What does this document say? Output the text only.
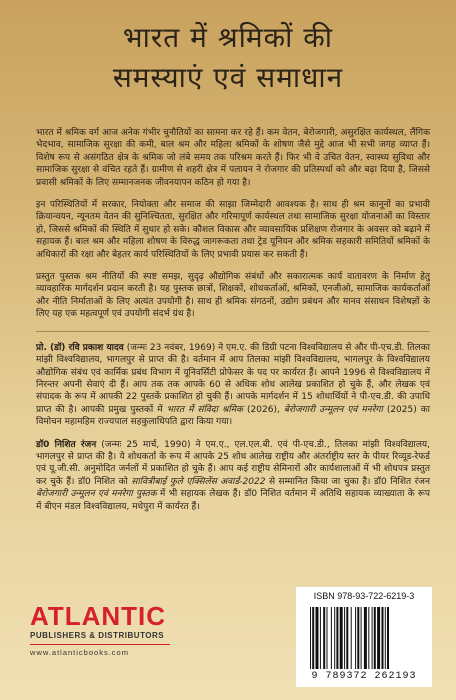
भारत में श्रमिकों की
समस्याएं एवं समाधान

भारत में श्रमिक वर्ग आज अनेक गंभीर चुनौतियों का सामना कर रहे हैं। कम वेतन, बेरोजगारी, असुरक्षित कार्यस्थल, लैंगिक भेदभाव, सामाजिक सुरक्षा की कमी, बाल श्रम और महिला श्रमिकों के शोषण जैसे मुद्दे आज भी सभी जगह व्याप्त हैं। विशेष रूप से असंगठित क्षेत्र के श्रमिक जो लंबे समय तक परिश्रम करते हैं। फिर भी वे उचित वेतन, स्वास्थ्य सुविधा और सामाजिक सुरक्षा से वंचित रहते हैं। ग्रामीण से शहरी क्षेत्र में पलायन ने रोजगार की प्रतिस्पर्धा को और बढ़ा दिया है, जिससे प्रवासी श्रमिकों के लिए सम्मानजनक जीवनयापन कठिन हो गया है।

इन परिस्थितियों में सरकार, नियोक्ता और समाज की साझा जिम्मेदारी आवश्यक है। साथ ही श्रम कानूनों का प्रभावी क्रियान्वयन, न्यूनतम वेतन की सुनिश्चितता, सुरक्षित और गरिमापूर्ण कार्यस्थल तथा सामाजिक सुरक्षा योजनाओं का विस्तार हो, जिससे श्रमिकों की स्थिति में सुधार हो सके। कौशल विकास और व्यावसायिक प्रशिक्षण रोजगार के अवसर को बढ़ाने में सहायक हैं। बाल श्रम और महिला शोषण के विरुद्ध जागरूकता तथा ट्रेड यूनियन और श्रमिक सहकारी समितियों श्रमिकों के अधिकारों की रक्षा और बेहतर कार्य परिस्थितियों के लिए प्रभावी प्रयास कर सकती हैं।

प्रस्तुत पुस्तक श्रम नीतियों की स्पष्ट समझ, सुदृढ़ औद्योगिक संबंधों और सकारात्मक कार्य वातावरण के निर्माण हेतु व्यावहारिक मार्गदर्शन प्रदान करती है। यह पुस्तक छात्रों, शिक्षकों, शोधकर्ताओं, श्रमिकों, एनजीओ, सामाजिक कार्यकर्ताओं और नीति निर्माताओं के लिए अत्यंत उपयोगी है। साथ ही श्रमिक संगठनों, उद्योग प्रबंधन और मानव संसाधन विशेषज्ञों के लिए यह एक महत्वपूर्ण एवं उपयोगी संदर्भ ग्रंथ है।

प्रो. (डॉ) रवि प्रकाश यादव (जन्मः 23 नवंबर, 1969) ने एम.ए. की डिग्री पटना विश्वविद्यालय से और पी-एच.डी. तिलका मांझी विश्वविद्यालय, भागलपुर से प्राप्त की है। वर्तमान में आप तिलका मांझी विश्वविद्यालय, भागलपुर के विश्वविद्यालय औद्योगिक संबंध एवं कार्मिक प्रबंध विभाग में यूनिवर्सिटी प्रोफेसर के पद पर कार्यरत हैं। आपने 1996 से विश्वविद्यालय में निरन्तर अपनी सेवाएं दी हैं। आप तक तक आपके 60 से अधिक शोध आलेख प्रकाशित हो चुके हैं, और लेखक एवं संपादक के रूप में आपकी 22 पुस्तकें प्रकाशित हो चुकी हैं। आपके मार्गदर्शन में 15 शोधार्थियों ने पी-एच.डी. की उपाधि प्राप्त की है। आपकी प्रमुख पुस्तकों में भारत में संविदा श्रमिक (2026), बेरोजगारी उन्मूलन एवं मनरेगा (2025) का विमोचन महामहिम राज्यपाल सहकुलाधिपति द्वारा किया गया।

डॉ0 निशित रंजन (जन्मः 25 मार्च, 1990) ने एम.ए., एल.एल.बी. एवं पी-एच.डी., तिलका मांझी विश्वविद्यालय, भागलपुर से प्राप्त की है। ये शोधकर्ता के रूप में आपके 25 शोध आलेख राष्ट्रीय और अंतर्राष्ट्रीय स्तर के पीयर रिव्यूड-रेफर्ड एवं यू.जी.सी. अनुमोदित जर्नलों में प्रकाशित हो चुके हैं। आप कई राष्ट्रीय सेमिनारों और कार्यशालाओं में भी शोधपत्र प्रस्तुत कर चुके हैं। डॉ0 निशित को सावित्रीबाई फुले एक्सिलेंस अवार्ड-2022 से सम्मानित किया जा चुका है। डॉ0 निशित रंजन बेरोजगारी उन्मूलन एवं मनरेगा पुस्तक में भी सहायक लेखक हैं। डॉ0 निशित वर्तमान में अतिथि सहायक व्याख्याता के रूप में बीएन मंडल विश्वविद्यालय, मधेपुरा में कार्यरत हैं।

ATLANTIC
PUBLISHERS & DISTRIBUTORS
www.atlanticbooks.com
ISBN 978-93-722-6219-3
9 789372 262193
